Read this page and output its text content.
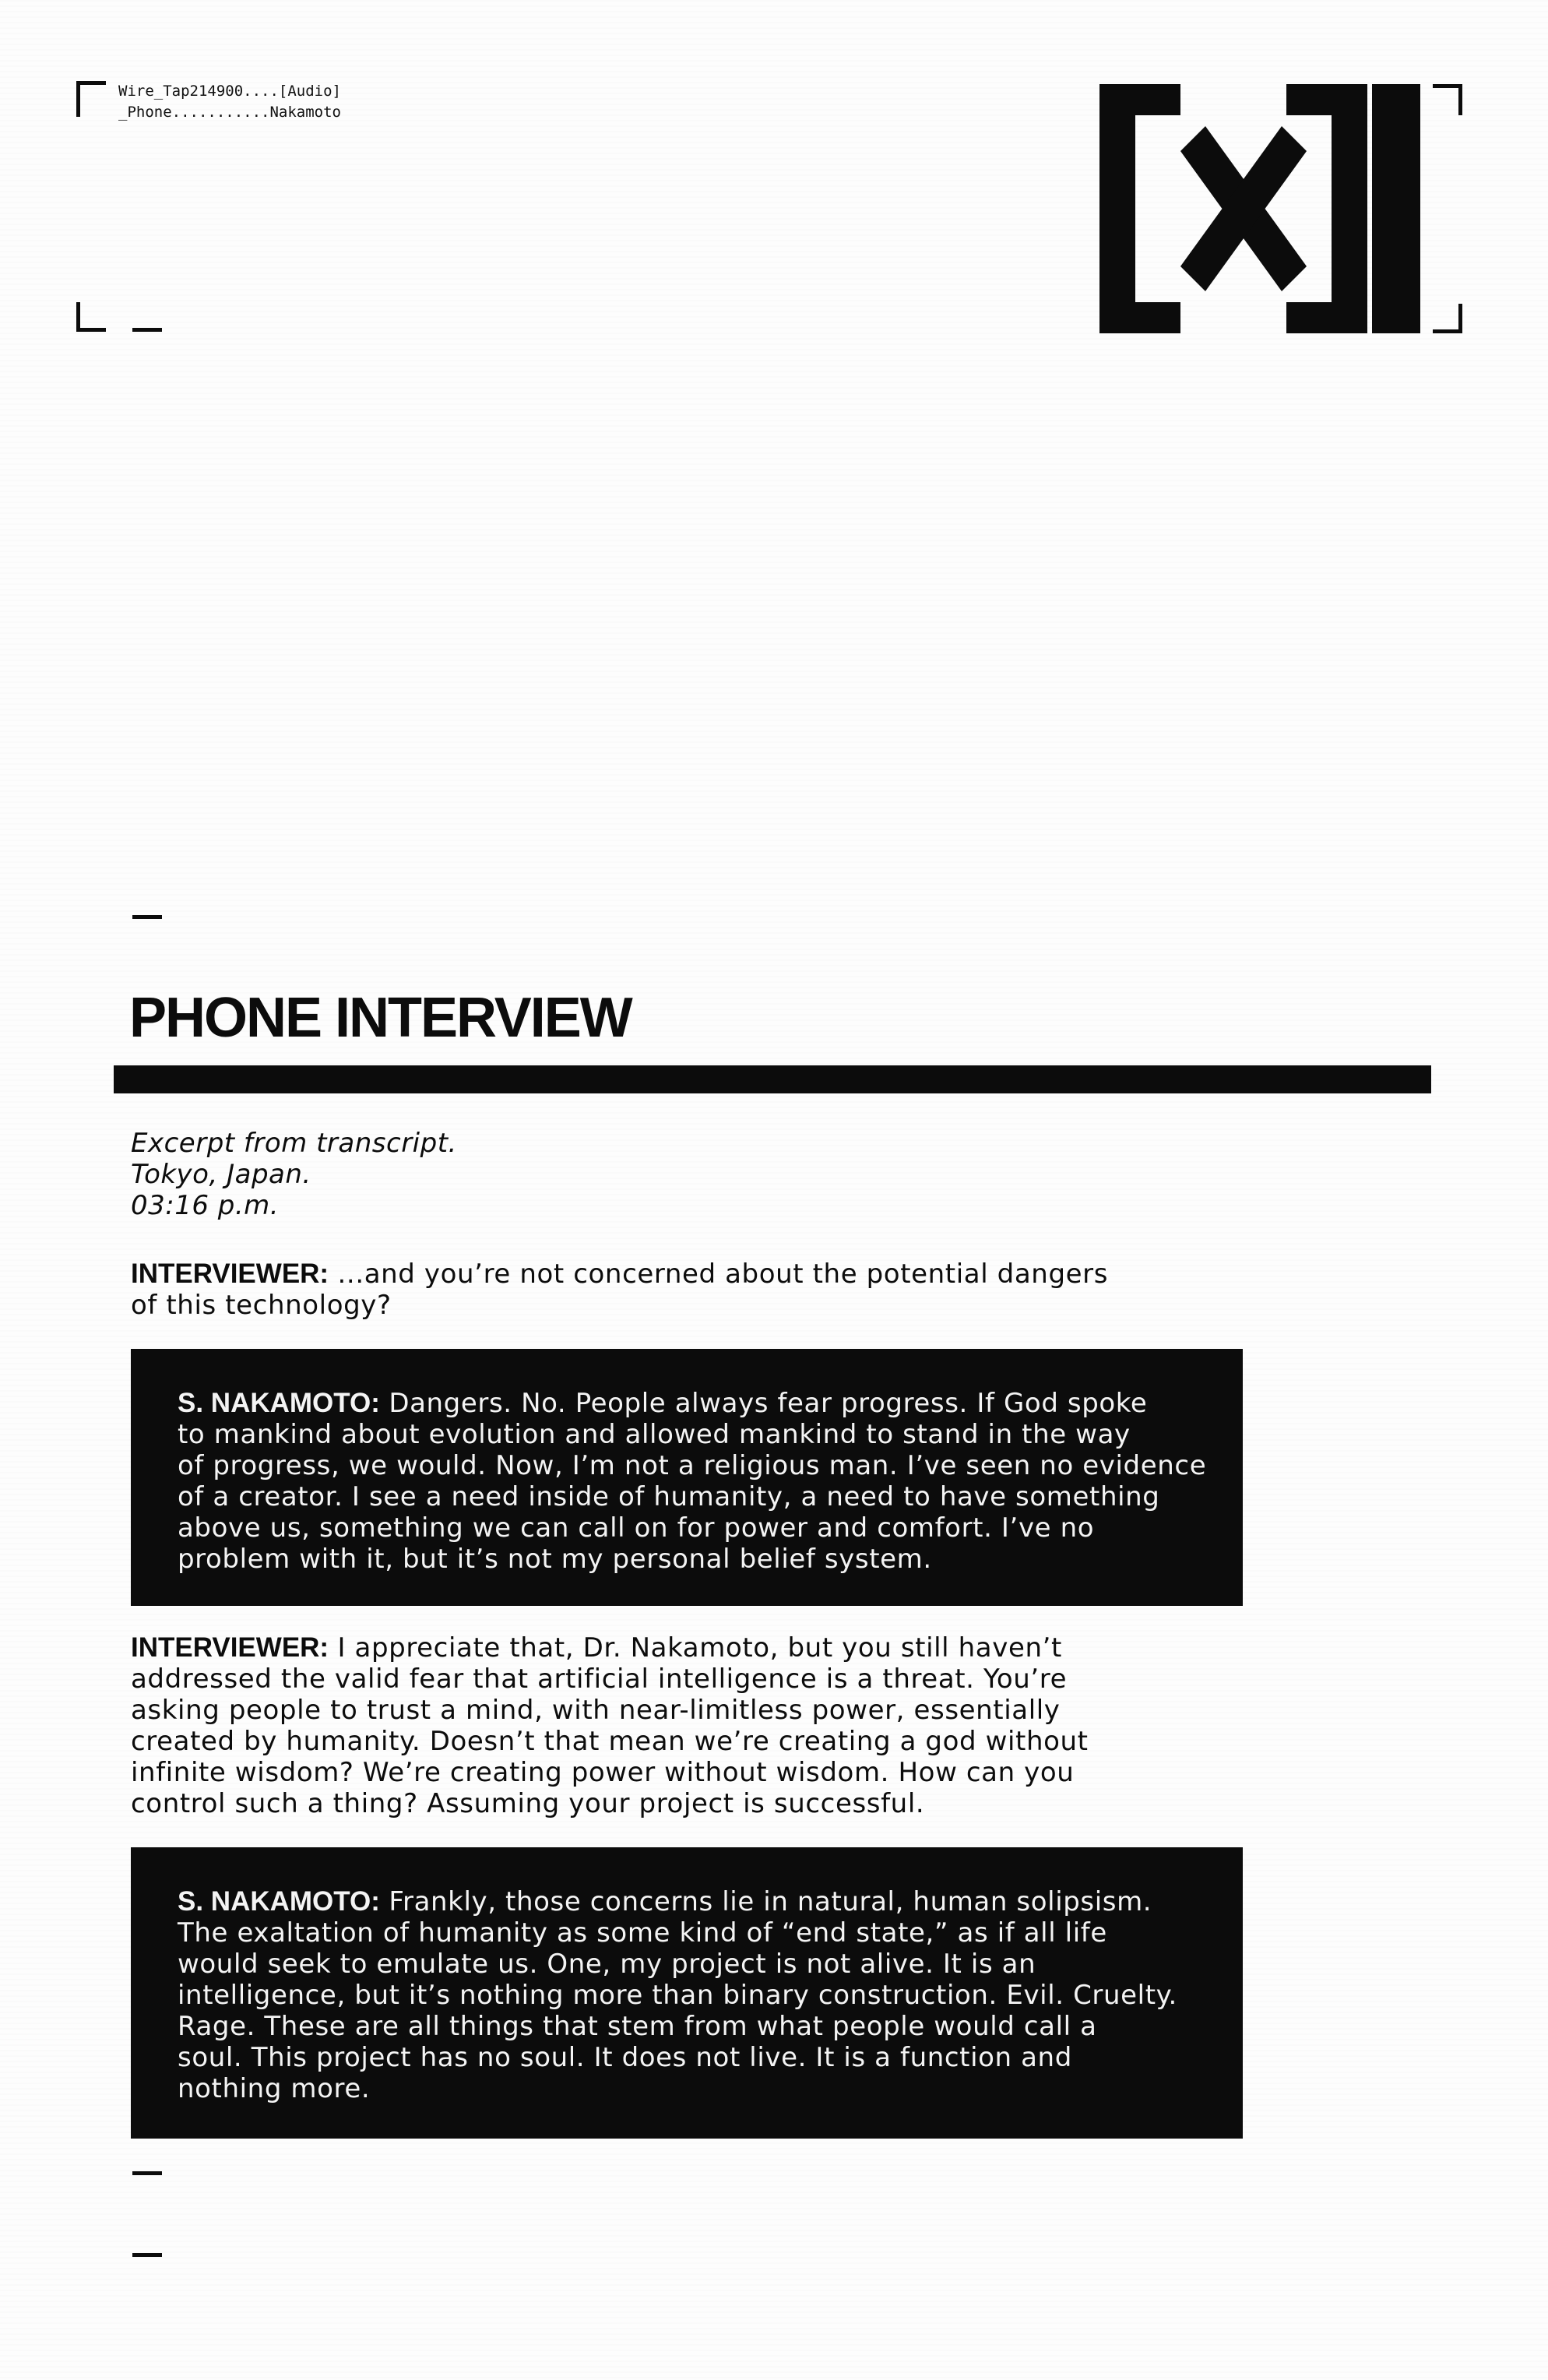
Wire_Tap214900....[Audio]
_Phone...........Nakamoto
PHONE INTERVIEW
Excerpt from transcript.
Tokyo, Japan.
03:16 p.m.

INTERVIEWER: ...and you’re not concerned about the potential dangers

of this technology?

S. NAKAMOTO: Dangers. No. People always fear progress. If God spoke

to mankind about evolution and allowed mankind to stand in the way

of progress, we would. Now, I’m not a religious man. I’ve seen no evidence

of a creator. I see a need inside of humanity, a need to have something

above us, something we can call on for power and comfort. I’ve no

problem with it, but it’s not my personal belief system.

INTERVIEWER: I appreciate that, Dr. Nakamoto, but you still haven’t

addressed the valid fear that artificial intelligence is a threat. You’re

asking people to trust a mind, with near-limitless power, essentially

created by humanity. Doesn’t that mean we’re creating a god without

infinite wisdom? We’re creating power without wisdom. How can you

control such a thing? Assuming your project is successful.

S. NAKAMOTO: Frankly, those concerns lie in natural, human solipsism.

The exaltation of humanity as some kind of “end state,” as if all life

would seek to emulate us. One, my project is not alive. It is an

intelligence, but it’s nothing more than binary construction. Evil. Cruelty.

Rage. These are all things that stem from what people would call a

soul. This project has no soul. It does not live. It is a function and

nothing more.
